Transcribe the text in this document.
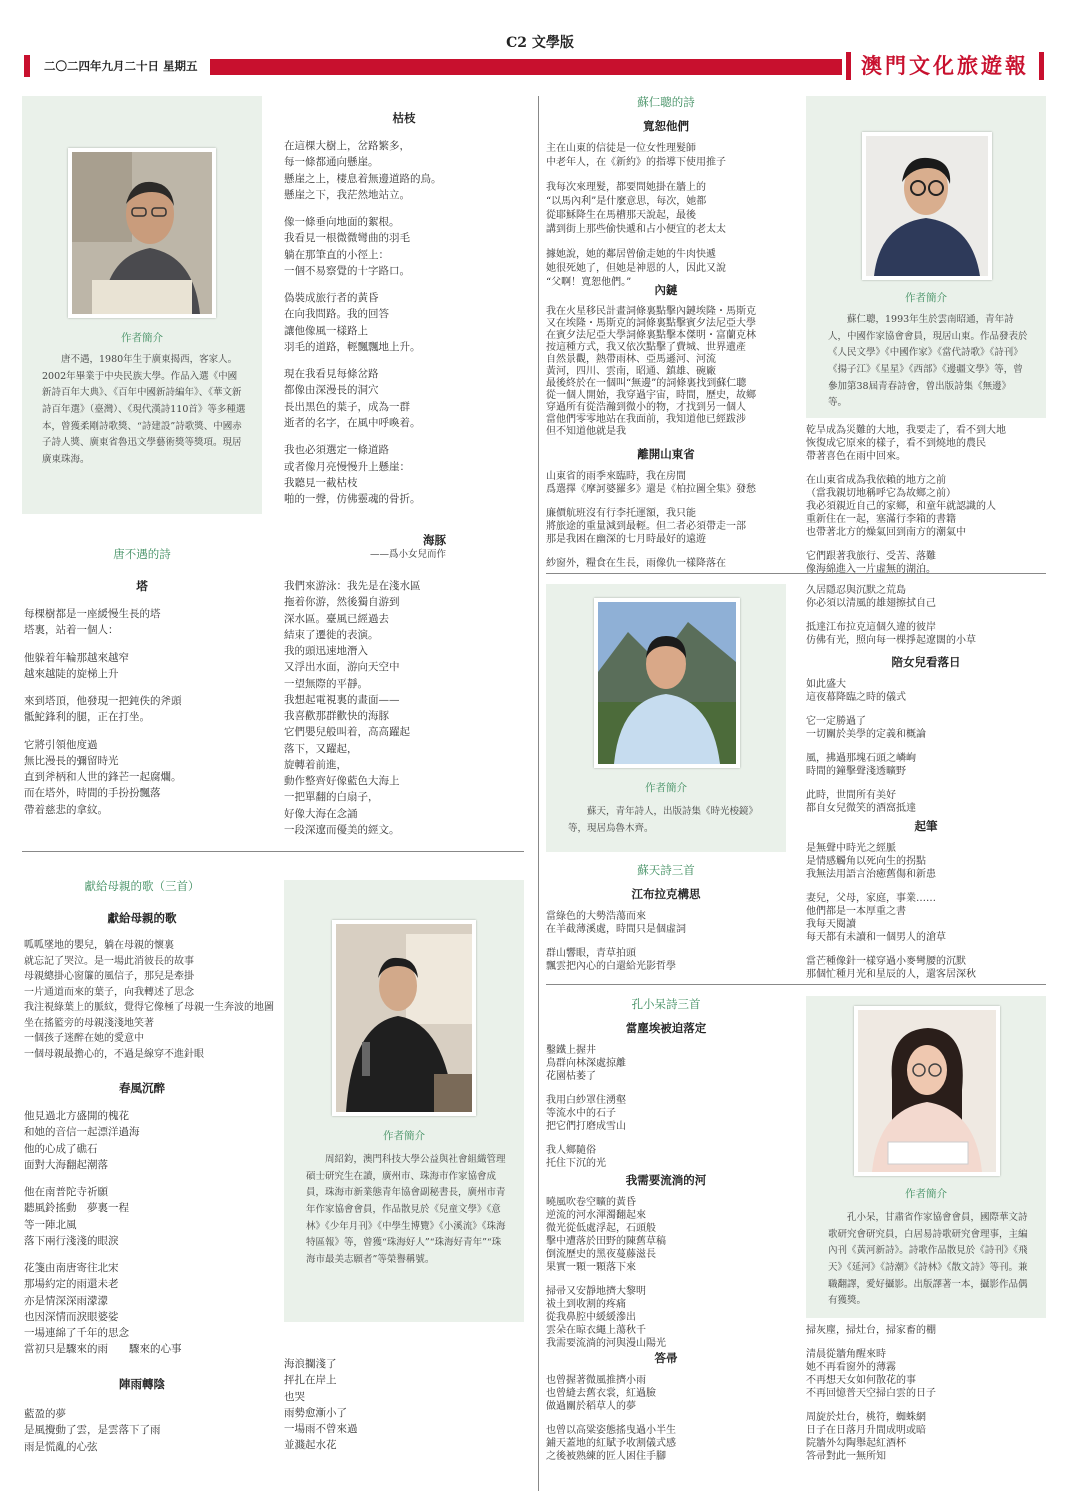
C2 文學版
二〇二四年九月二十日 星期五	澳門文化旅遊報
作者簡介
唐不遇，1980年生于廣東揭西，客家人。2002年畢業于中央民族大學。作品入選《中國新詩百年大典》、《百年中國新詩編年》、《華文新詩百年選》（臺灣）、《現代漢詩110首》等多種選本，曾獲柔剛詩歌獎、“詩建設”詩歌獎、中國赤子詩人獎、廣東省魯迅文學藝術獎等獎項。現居廣東珠海。
唐不遇的詩
塔
每棵樹都是一座緩慢生長的塔
塔裏，站着一個人：
他躲着年輪那越來越窄
越來越陡的旋梯上升
來到塔頂，他發現一把鈍佚的斧頭
骶鮀鋒利的腿，正在打坐。
它將引領他度過
無比漫長的彌留時光
直到斧柄和人世的鋒芒一起腐爛。
而在塔外，時間的手扮扮飄落
帶着慈悲的拿紋。
枯枝
在這棵大樹上，岔路繁多，
每一條都通向懸崖。
懸崖之上，棲息着無邊道路的鳥。
懸崖之下，我茫然地站立。
像一條垂向地面的絮根。
我看見一根微微彎曲的羽毛
躺在那筆直的小徑上：
一個不易察覺的十字路口。
偽裝成旅行者的黃昏
在向我問路。我的回答
讓他像風一樣路上
羽毛的道路，輕飄飄地上升。
現在我看見每條岔路
都像由深漫長的洞穴
長出黑色的葉子，成為一群
逝者的名字，在風中呼喚着。
我也必須選定一條道路
或者像月亮慢慢升上懸崖：
我聽見一截枯枝
啪的一聲，仿佛靈魂的骨折。
海豚
——爲小女兒而作
我們來游泳：我先是在淺水區
拖着你游，然後獨自游到
深水區。臺風已經過去
結束了遷徙的表演。
我的頭迅速地潛入
又浮出水面，游向天空中
一望無際的平靜。
我想起電視裏的畫面——
我喜歡那群歡快的海豚
它們嬰兒般叫着，高高躍起
落下，又躍起，
旋轉着前進，
動作整齊好像藍色大海上
一把單翻的白扇子，
好像大海在念誦
一段深遼而優美的經文。
獻給母親的歌（三首）
獻給母親的歌
呱呱墜地的嬰兒，躺在母親的懷裏
就忘記了哭泣。是一場此消彼長的故事
母親總掛心窗簾的風信子，那兒是牽掛
一片通道而來的葉子，向我轉述了思念
我注視綠葉上的脈紋，覺得它像極了母親一生奔波的地圖
坐在搖籃旁的母親淺淺地笑著
一個孩子迷醉在她的愛意中
一個母親最擔心的，不過是線穿不進針眼
春風沉醉
他見過北方盛開的槐花
和她的音信一起漂洋過海
他的心成了礁石
面對大海翻起潮落
他在南普陀寺祈願
聽風鈴搖動　夢裏一程
等一陣北風
落下兩行淺淺的眼淚
花箋由南唐寄往北宋
那場約定的雨還未老
亦是情深深雨濛濛
也因深情而淚眼婆娑
一場連綿了千年的思念
當初只是驟來的雨　　驟來的心事
陣雨轉陰
藍盈的夢
是風攪動了雲，是雲落下了雨
雨是慌亂的心弦
作者簡介
周紹鈞，澳門科技大學公益與社會組織管理碩士研究生在讀，廣州市、珠海市作家協會成員，珠海市新業態青年協會副秘書長，廣州市青年作家協會會員，作品散見於《兒童文學》《意林》《少年月刊》《中學生博覽》《小溪流》《珠海特區報》等，曾獲“珠海好人”“珠海好青年”“珠海市最美志願者”等榮譽稱號。
海浪攔淺了
抨扎在岸上
也哭
雨勢愈漸小了
一場雨不曾來過
並濺起水花
蘇仁聰的詩
寬恕他們
主在山東的信徒是一位女性理髮師
中老年人，在《新約》的指導下使用推子
我每次來理髮，都要問她掛在牆上的
“以馬內利”是什麼意思，每次，她都
從耶穌降生在馬槽那天說起，最後
講到街上那些偷快遞和占小便宜的老太太
據她說，她的鄰居曾偷走她的牛肉快遞
她很死她了，但她是神恩的人，因此又說
“父啊！寬恕他們。”
內鏈
我在火星移民計畫詞條裏點擊內鏈埃隆・馬斯克
又在埃隆・馬斯克的詞條裏點擊賓夕法尼亞大學
在賓夕法尼亞大學詞條裏點擊本傑明・富蘭克林
按這種方式，我又依次點擊了費城、世界遺產
自然景觀，熱帶雨林、亞馬遜河、河流
黃河，四川、雲南，昭通、鎮雄、碗廠
最後終於在一個叫“無邊”的詞條裏找到蘇仁聰
從一個人開始，我穿過宇宙，時間，歷史，故鄉
穿過所有從浩瀚到微小的物，才找到另一個人
當他們零零地站在我面前，我知道他已經跋涉
但不知道他就是我
離開山東省
山東省的雨季來臨時，我在房間
爲選擇《摩訶婆羅多》還是《柏拉圖全集》發愁
廉價航班沒有行李托運額，我只能
將旅途的重量減到最輕。但二者必須帶走一部
那是我困在幽深的七月時最好的遠遊
紗窗外，糧食在生長，雨像仇一樣降落在
作者簡介
蘇仁聰，1993年生於雲南昭通，青年詩人，中國作家協會會員，現居山東。作品發表於《人民文學》《中國作家》《當代詩歌》《詩刊》《揚子江》《星星》《西部》《邊疆文學》等，曾參加第38屆青春詩會，曾出版詩集《無邊》等。
乾旱成為災難的大地，我要走了，看不到大地
恢復成它原來的樣子，看不到燒地的農民
帶著喜色在雨中回來。
在山東省成為我依賴的地方之前
（當我親切地稱呼它為故鄉之前）
我必須親近自己的家鄉，和童年就認識的人
重新住在一起，塞滿行李箱的書籍
也帶著北方的燥氣回到南方的潮氣中
它們跟著我旅行、受苦、落難
像海綿進入一片虛無的湖泊。
作者簡介
蘇天，青年詩人，出版詩集《時光梭鏡》等，現居烏魯木齊。
蘇天詩三首
江布拉克構思
當綠色的大勢浩蕩而來
在羊截薄溪處，時間只是個虛詞
群山響眼，青草拍頭
飄雲把內心的白還給光影哲學
久居隱忍與沉默之荒島
你必須以清風的雄翅擦拭自己
抵達江布拉克這個久違的彼岸
仿佛有光，照向每一棵掙起遼闊的小草
陪女兒看落日
如此盛大
這夜幕降臨之時的儀式
它一定勝過了
一切關於美學的定義和概論
風，拂過那塊石頭之嶙峋
時間的鐘擊聲淺透曠野
此時，世間所有美好
都自女兒微笑的酒窩抵達
起筆
是無聲中時光之經脈
是情感觸角以死向生的拐點
我無法用語言治癒舊傷和新患
妻兒，父母，家庭，事業……
他們都是一本厚重之書
我每天閱讀
每天都有未讀和一個男人的滄草
當芒種像針一樣穿過小麥彎腰的沉默
那個忙種月光和星辰的人，還客居深秋
孔小呆詩三首
當塵埃被迫落定
鑿鐵上握井
鳥群向林深處掠離
花園枯萎了
我用白紗罩住湧壑
等流水中的石子
把它們打磨成雪山
我人鄉隨俗
托住下沉的光
我需要流淌的河
曉風吹卷空曠的黃昏
逆流的河水渾濁翻起來
微光從低處浮起，石頭般
擊中遭落於田野的陳舊草稿
倒流歷史的黑夜蔓藤滋長
果實一顆一顆落下來
掃帚又安靜地擠大黎明
祓土到收割的疼痛
從我鼻腔中緩緩滲出
雲朵在晾衣繩上蕩秋千
我需要流淌的河與漫山陽光
答帚
也曾握著微風推擠小雨
也曾縫去舊衣裳，紅過臉
做過關於稻草人的夢
也曾以高粱姿態搖曳過小半生
鋪天蓋地的紅賦予收割儀式感
之後被熟練的匠人困住手腳
作者簡介
孔小呆，甘肅省作家協會會員，國際華文詩歌研究會研究員，白居易詩歌研究會理事，主編內刊《黃河新詩》。詩歌作品散見於《詩刊》《飛天》《延河》《詩潮》《詩林》《散文詩》等刊。兼職翻譯，愛好攝影。出版譯著一本，攝影作品偶有獲獎。
掃灰塵，掃灶台，掃家畜的棚
清晨從牆角醒來時
她不再看窗外的薄霧
不再想天女如何散花的事
不再回憶普天空掃白雲的日子
周旋於灶台，桃符，蜘蛛網
日子在日落月升間成明或暗
院牆外勾陶舉起紅酒杯
答帚對此一無所知
